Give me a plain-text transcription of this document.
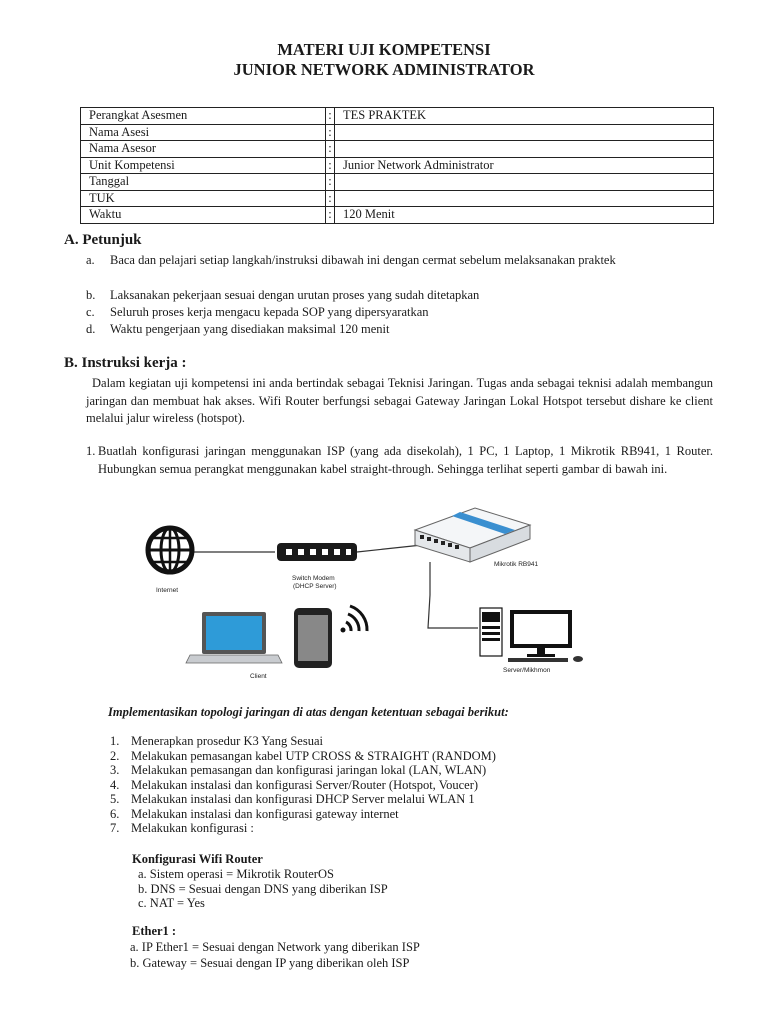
MATERI UJI KOMPETENSI
JUNIOR NETWORK ADMINISTRATOR
Perangkat Asesmen	:	TES PRAKTEK
Nama Asesi	:	
Nama Asesor	:	
Unit Kompetensi	:	Junior Network Administrator
Tanggal	:	
TUK	:	
Waktu	:	120 Menit
A. Petunjuk
a. Baca dan pelajari setiap langkah/instruksi dibawah ini dengan cermat sebelum melaksanakan praktek
b. Laksanakan pekerjaan sesuai dengan urutan proses yang sudah ditetapkan
c. Seluruh proses kerja mengacu kepada SOP yang dipersyaratkan
d. Waktu pengerjaan yang disediakan maksimal 120 menit
B. Instruksi kerja :
Dalam kegiatan uji kompetensi ini anda bertindak sebagai Teknisi Jaringan. Tugas anda sebagai teknisi adalah membangun jaringan dan membuat hak akses. Wifi Router berfungsi sebagai Gateway Jaringan Lokal Hotspot tersebut dishare ke client melalui jalur wireless (hotspot).
1. Buatlah konfigurasi jaringan menggunakan ISP (yang ada disekolah), 1 PC, 1 Laptop, 1 Mikrotik RB941, 1 Router. Hubungkan semua perangkat menggunakan kabel straight-through. Sehingga terlihat seperti gambar di bawah ini.
Internet
Switch Modem
(DHCP Server)
Mikrotik RB941
Client
Server/Mikhmon
Implementasikan topologi jaringan di atas dengan ketentuan sebagai berikut:
1. Menerapkan prosedur K3 Yang Sesuai
2. Melakukan pemasangan kabel UTP CROSS & STRAIGHT (RANDOM)
3. Melakukan pemasangan dan konfigurasi jaringan lokal (LAN, WLAN)
4. Melakukan instalasi dan konfigurasi Server/Router (Hotspot, Voucer)
5. Melakukan instalasi dan konfigurasi DHCP Server melalui WLAN 1
6. Melakukan instalasi dan konfigurasi gateway internet
7. Melakukan konfigurasi :
Konfigurasi Wifi Router
a. Sistem operasi = Mikrotik RouterOS
b. DNS = Sesuai dengan DNS yang diberikan ISP
c. NAT = Yes
Ether1 :
a. IP Ether1 = Sesuai dengan Network yang diberikan ISP
b. Gateway = Sesuai dengan IP yang diberikan oleh ISP
